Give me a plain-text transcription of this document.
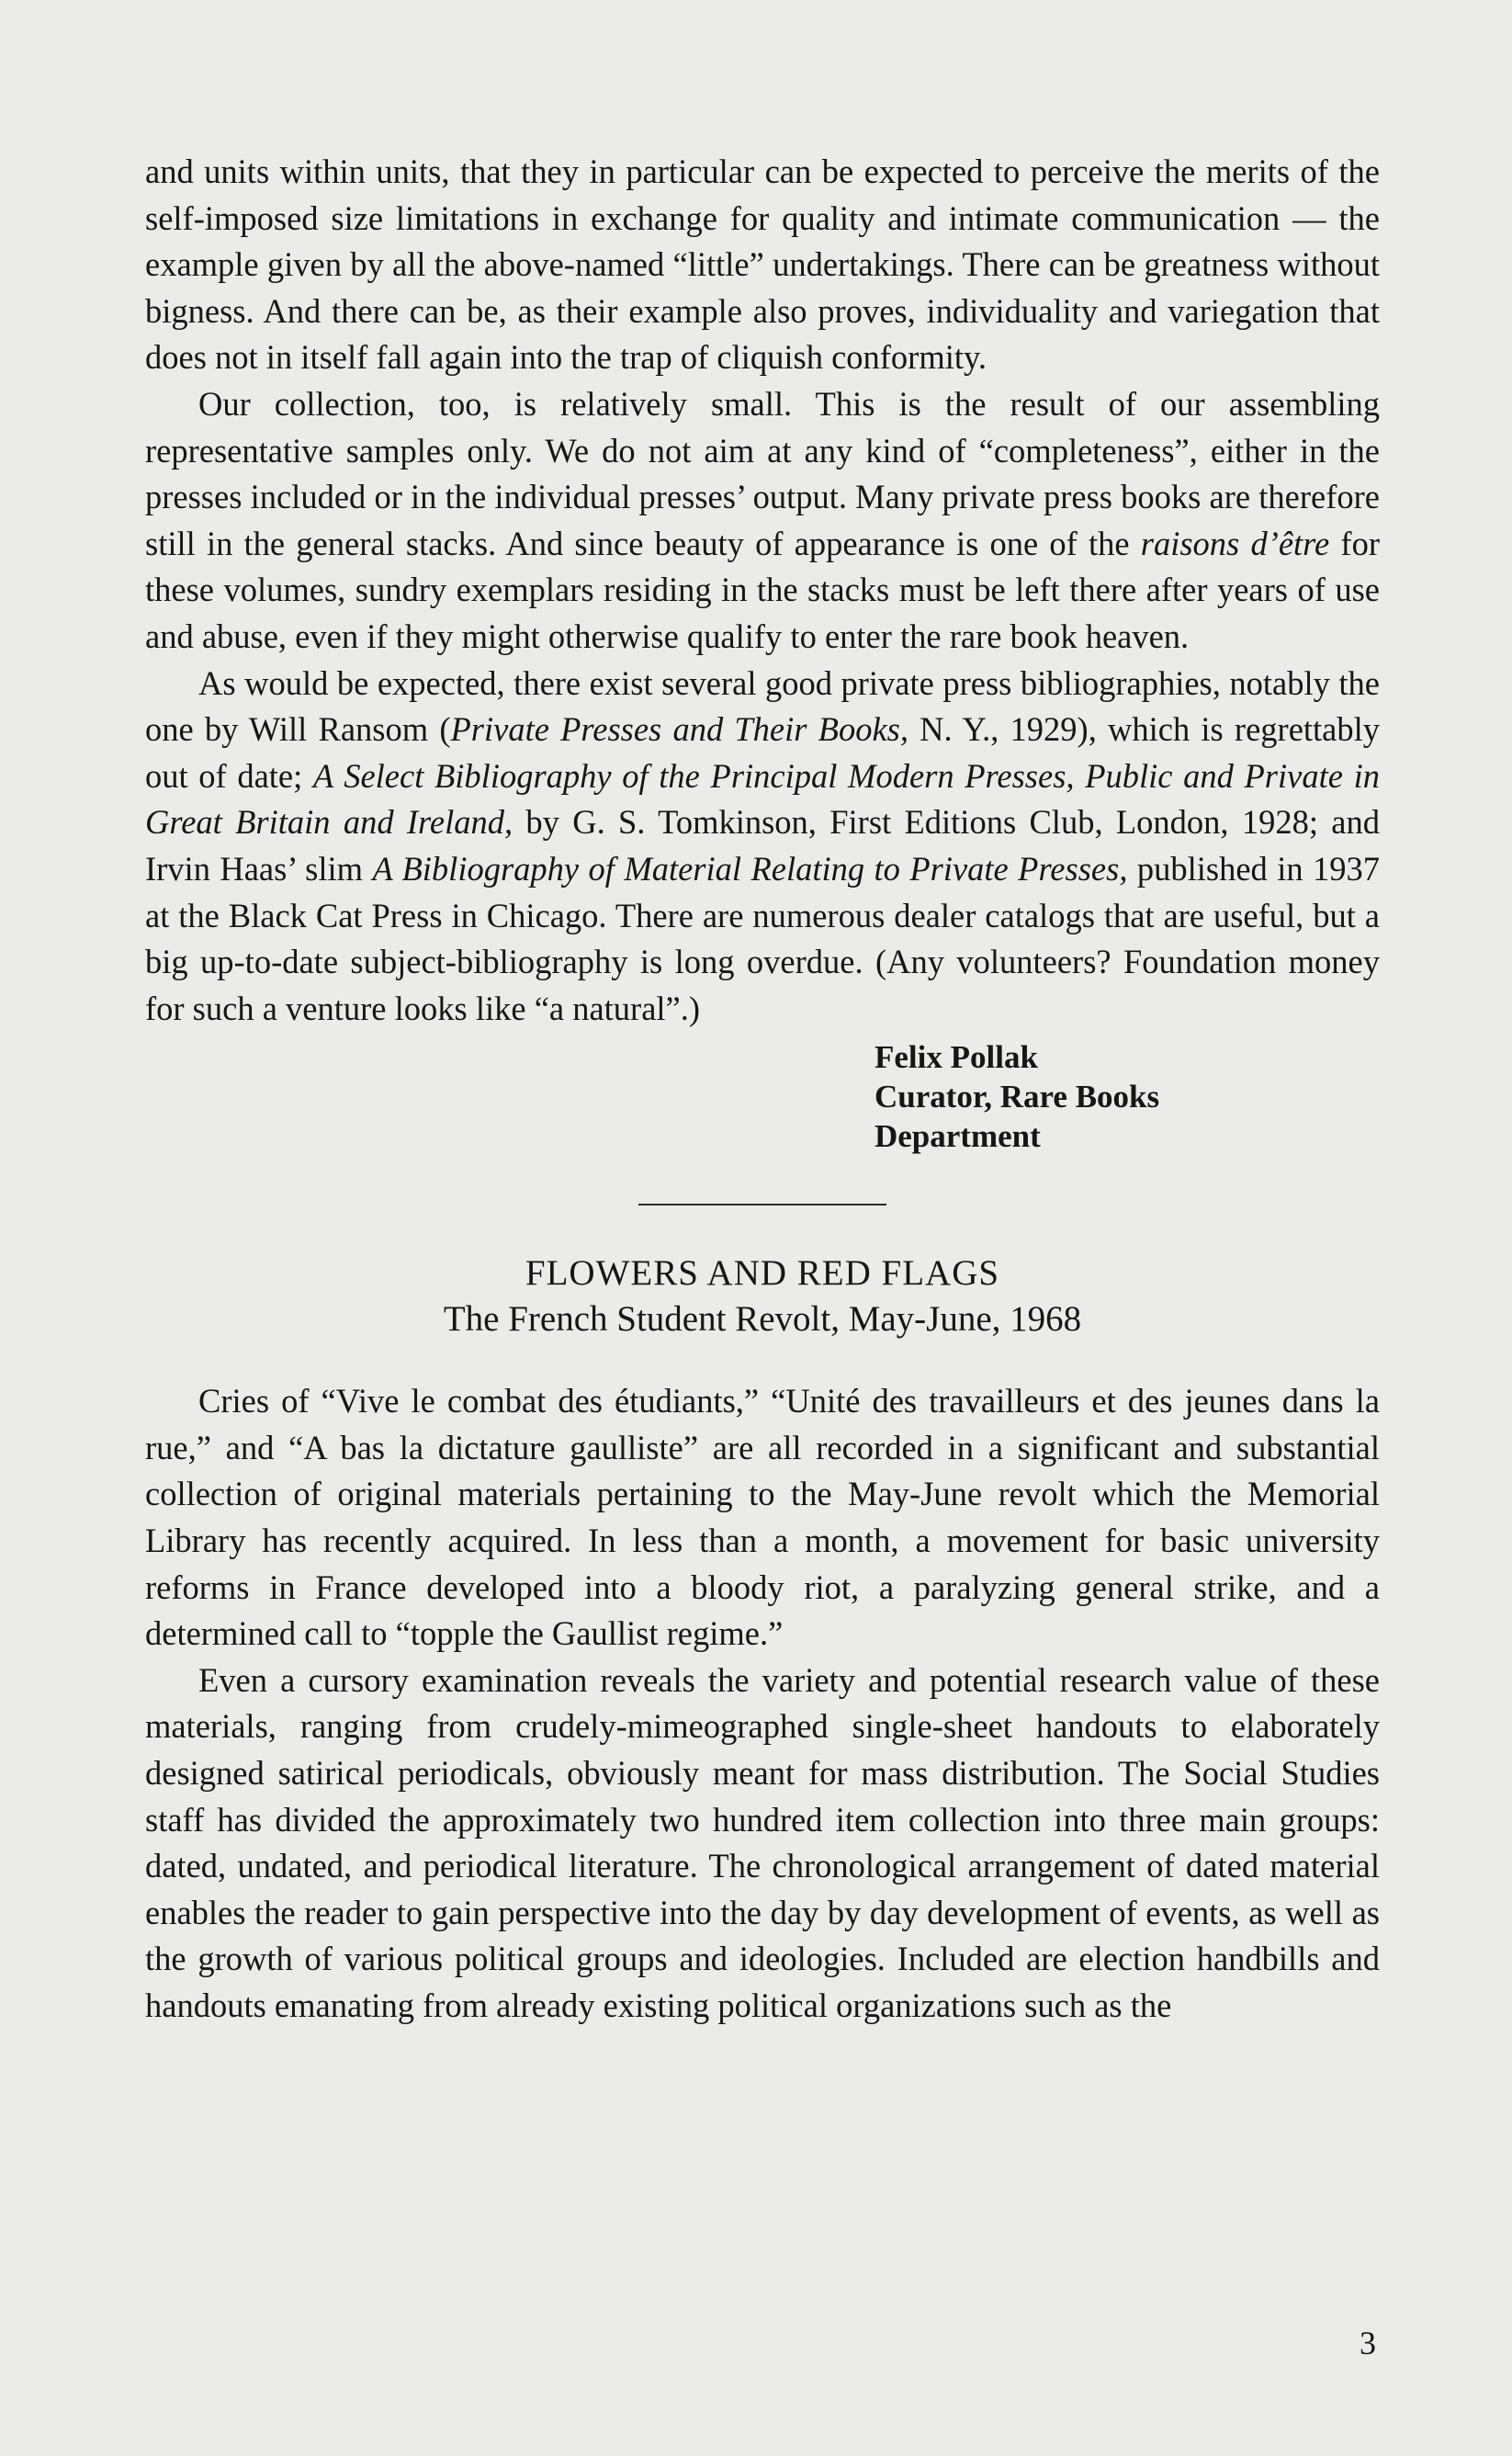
and units within units, that they in particular can be expected to perceive the merits of the self-imposed size limitations in exchange for quality and intimate communication — the example given by all the above-named “little” undertakings. There can be greatness without bigness. And there can be, as their example also proves, individuality and variegation that does not in itself fall again into the trap of cliquish conformity.

Our collection, too, is relatively small. This is the result of our assembling representative samples only. We do not aim at any kind of “completeness”, either in the presses included or in the individual presses’ output. Many private press books are therefore still in the general stacks. And since beauty of appearance is one of the raisons d’être for these volumes, sundry exemplars residing in the stacks must be left there after years of use and abuse, even if they might otherwise qualify to enter the rare book heaven.

As would be expected, there exist several good private press bibliographies, notably the one by Will Ransom (Private Presses and Their Books, N. Y., 1929), which is regrettably out of date; A Select Bibliography of the Principal Modern Presses, Public and Private in Great Britain and Ireland, by G. S. Tomkinson, First Editions Club, London, 1928; and Irvin Haas’ slim A Bibliography of Material Relating to Private Presses, published in 1937 at the Black Cat Press in Chicago. There are numerous dealer catalogs that are useful, but a big up-to-date subject-bibliography is long overdue. (Any volunteers? Foundation money for such a venture looks like “a natural”.)

Felix Pollak
Curator, Rare Books
Department
FLOWERS AND RED FLAGS
The French Student Revolt, May-June, 1968

Cries of “Vive le combat des étudiants,” “Unité des travailleurs et des jeunes dans la rue,” and “A bas la dictature gaulliste” are all recorded in a significant and substantial collection of original materials pertaining to the May-June revolt which the Memorial Library has recently acquired. In less than a month, a movement for basic university reforms in France developed into a bloody riot, a paralyzing general strike, and a determined call to “topple the Gaullist regime.”

Even a cursory examination reveals the variety and potential research value of these materials, ranging from crudely-mimeographed single-sheet handouts to elaborately designed satirical periodicals, obviously meant for mass distribution. The Social Studies staff has divided the approximately two hundred item collection into three main groups: dated, undated, and periodical literature. The chronological arrangement of dated material enables the reader to gain perspective into the day by day development of events, as well as the growth of various political groups and ideologies. Included are election handbills and handouts emanating from already existing political organizations such as the

3
